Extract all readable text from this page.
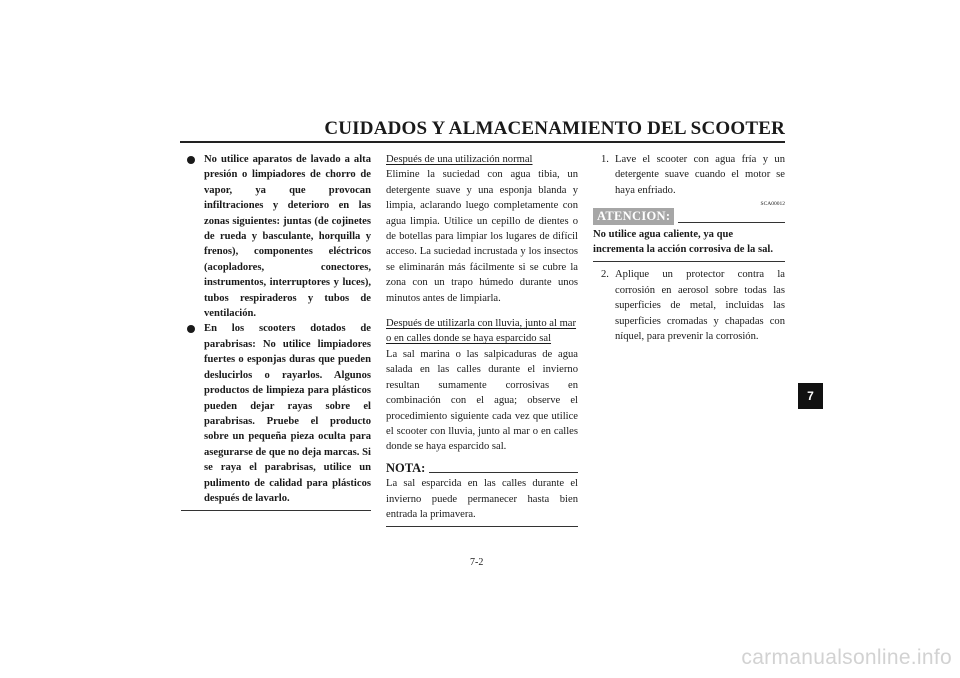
CUIDADOS Y ALMACENAMIENTO DEL SCOOTER
No utilice aparatos de lavado a alta presión o limpiadores de chorro de vapor, ya que provocan infiltraciones y deterioro en las zonas siguientes: juntas (de cojinetes de rueda y basculante, horquilla y frenos), componentes eléctricos (acopladores, conectores, instrumentos, interruptores y luces), tubos respiraderos y tubos de ventilación.
En los scooters dotados de parabrisas: No utilice limpiadores fuertes o esponjas duras que pueden deslucirlos o rayarlos. Algunos productos de limpieza para plásticos pueden dejar rayas sobre el parabrisas. Pruebe el producto sobre un pequeña pieza oculta para asegurarse de que no deja marcas. Si se raya el parabrisas, utilice un pulimento de calidad para plásticos después de lavarlo.
Después de una utilización normal
Elimine la suciedad con agua tibia, un detergente suave y una esponja blanda y limpia, aclarando luego completamente con agua limpia. Utilice un cepillo de dientes o de botellas para limpiar los lugares de difícil acceso. La suciedad incrustada y los insectos se eliminarán más fácilmente si se cubre la zona con un trapo húmedo durante unos minutos antes de limpiarla.
Después de utilizarla con lluvia, junto al mar o en calles donde se haya esparcido sal
La sal marina o las salpicaduras de agua salada en las calles durante el invierno resultan sumamente corrosivas en combinación con el agua; observe el procedimiento siguiente cada vez que utilice el scooter con lluvia, junto al mar o en calles donde se haya esparcido sal.
NOTA:
La sal esparcida en las calles durante el invierno puede permanecer hasta bien entrada la primavera.
1. Lave el scooter con agua fría y un detergente suave cuando el motor se haya enfriado.
SCA00012
ATENCION:
No utilice agua caliente, ya que incrementa la acción corrosiva de la sal.
2. Aplique un protector contra la corrosión en aerosol sobre todas las superficies de metal, incluidas las superficies cromadas y chapadas con níquel, para prevenir la corrosión.
7
7-2
carmanualsonline.info
